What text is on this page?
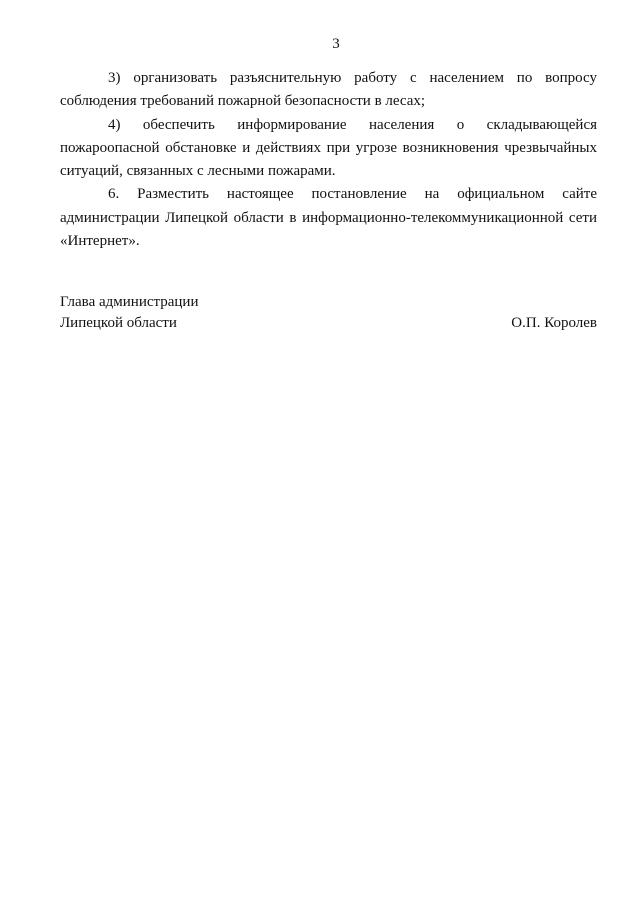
3

3) организовать разъяснительную работу с населением по вопросу соблюдения требований пожарной безопасности в лесах;

4) обеспечить информирование населения о складывающейся пожароопасной обстановке и действиях при угрозе возникновения чрезвычайных ситуаций, связанных с лесными пожарами.

6. Разместить настоящее постановление на официальном сайте администрации Липецкой области в информационно-телекоммуникационной сети «Интернет».

Глава администрации
Липецкой области	О.П. Королев
